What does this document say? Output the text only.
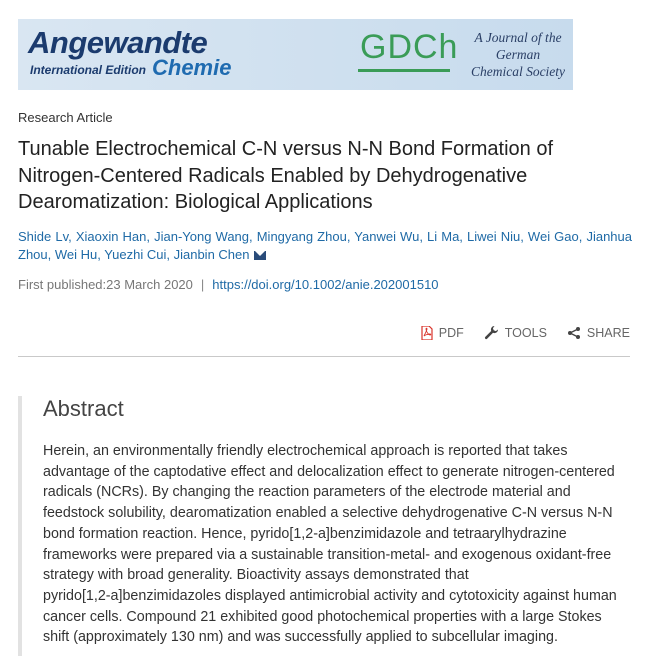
Angewandte
International Edition Chemie
GDCh	A Journal of the German Chemical Society
Research Article
Tunable Electrochemical C‑N versus N‑N Bond Formation of Nitrogen‑Centered Radicals Enabled by Dehydrogenative Dearomatization: Biological Applications
Shide Lv, Xiaoxin Han, Jian-Yong Wang, Mingyang Zhou, Yanwei Wu, Li Ma, Liwei Niu, Wei Gao, Jianhua Zhou, Wei Hu, Yuezhi Cui, Jianbin Chen
First published:23 March 2020 | https://doi.org/10.1002/anie.202001510
PDF	TOOLS	SHARE
Abstract

Herein, an environmentally friendly electrochemical approach is reported that takes advantage of the captodative effect and delocalization effect to generate nitrogen-centered radicals (NCRs). By changing the reaction parameters of the electrode material and feedstock solubility, dearomatization enabled a selective dehydrogenative C‑N versus N‑N bond formation reaction. Hence, pyrido[1,2‑a]benzimidazole and tetraarylhydrazine frameworks were prepared via a sustainable transition-metal- and exogenous oxidant-free strategy with broad generality. Bioactivity assays demonstrated that pyrido[1,2‑a]benzimidazoles displayed antimicrobial activity and cytotoxicity against human cancer cells. Compound 21 exhibited good photochemical properties with a large Stokes shift (approximately 130 nm) and was successfully applied to subcellular imaging.
